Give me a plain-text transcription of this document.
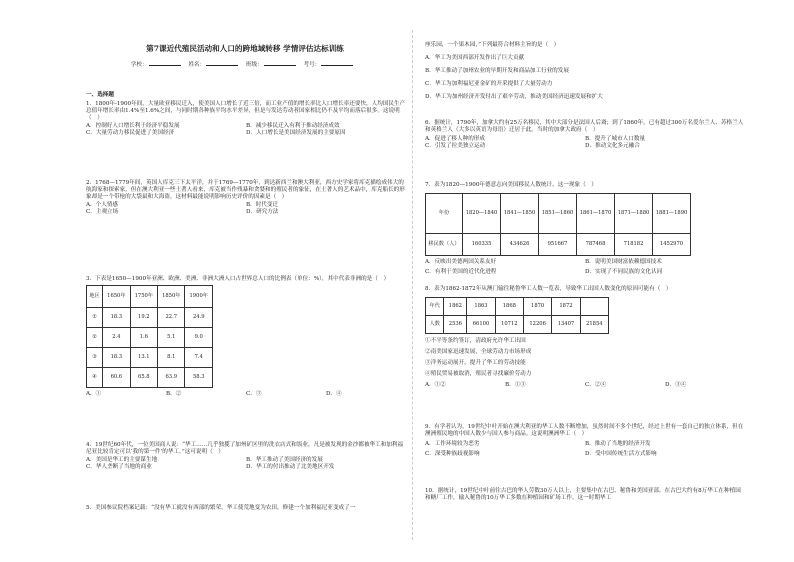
第7课近代殖民活动和人口的跨地域转移 学情评估达标训练
学校：	姓名：	班级：	考号：
一、选择题

1．1800年-1900年间，大量欧亚移民迁入，使美国人口增长了近三倍，而工业产值的增长率比人口增长率还要快，人均国民生产总值年增长率由1.4%至1.6%之间，与同时期各种族平均水平差异，但是与发达劳动者国家相比仍不及平均而落后很多。这说明（　）

A．控制好人口增长利于经济平稳发展	B．减少移民迁入有利于推动经济成效
C．大量劳动力移民促进了美国经济	D．人口增长是美国经济发展的主要原因

2．1768—1779年间，英国人库克三下太平洋，并于1769—1770年，到达新西兰和澳大利亚，西方史学家将库克描绘成伟大的航海家和探索家，但在澳大利亚一些土著人看来，库克被当作残暴和贪婪和的殖民者的象征，在土著人的艺术品中，库克船长的形象却是一个带枪的大袋鼠和大海盗。这材料最能说明影响历史评价的因素是（　）

A．个人情感	B．时代变迁
C．主观立场	D．研究方法

3．下表是1650—1900年亚洲、欧洲、美洲、非洲大洲人口占世界总人口的比例表（单位：%），其中代表非洲的是（　）

地区	1650年	1750年	1850年	1900年
①	18.3	19.2	22.7	24.9
②	2.4	1.6	5.1	9.0
③	18.3	13.1	8.1	7.4
④	60.6	65.8	63.9	58.3
A．①	B．②	C．③	D．④

4．19世纪60年代，一位美国商人说：“华工……几乎独揽了加州矿区里的洗衣店式和饭业，凡是被发现的金沙都被华工和加利福尼亚比较肯定可以‘我的第一件’的华工。”这可说明（　）

A．美国是华工的主要谋生地	B．华工推动了美国经济的发展
C．华人垄断了当地的商业	D．华工的付出推动了北美地区开发

5．美国参议院档案记载：“没有华工就没有西部的繁荣，华工使荒地变为农田，修建一个加利福尼亚变成了一

座乐园，一个果木园，”下列最符合材料主旨的是（　）

A．华工为美国西部开发作出了巨大贡献

B．华工推动了加州农业的早期开发和商品加工行业的发展

C．华工为加利福尼亚金矿的开采提供了大量劳动力

D．华工为加州经济开发付出了艰辛劳动，推动美国经济迅速发展和扩大

6．据统计，1790年，加拿大约有25万名移民，其中大部分是法国人后裔；到了1860年，已有超过300万名爱尔兰人、苏格兰人和英格兰人（大多以英语为母语）迁居于此。当时的加拿大政府（　）

A．促进了移人种的形成	B．提升了城市人口数量
C．引发了拉美独立运动	D．推动文化多元融合

7．表为1820—1900年德意志向美国移民人数统计，这一现象（　）

年份	1820—1840	1841—1850	1851—1860	1861—1870	1871—1880	1881—1890
移民数（人）	160335	434626	951667	787468	718182	1452970
A．反映出美德两国关系友好	B．说明美国财富依赖德国技术
C．有利于美国的近代化进程	D．实现了不同民族的文化认同

8．表为1862-1872年从澳门输往秘鲁华工人数一览表，导致华工出国人数变化的原因可能有（　）

年代	1862	1863	1868	1870	1872	
人数	2536	66100	10712	12206	13407	21854

①不平等条约签订，清政府允许华工出国

②南美国家迅速发展，全球劳动力市场形成

③洋务运动展开，提升了华工的劳动技能

④殖民贸易被取消，殖民者寻找廉价劳动力

A．①②	B．①③	C．②④	D．③④

9．有学者认为，19世纪中叶开始在澳大利亚的华工人数不断增加，虽然时间不多个世纪，经过上世有一套自己的独立体系，但在澳洲殖民地的中国人数少与国人参与商品。这说明澳洲华工（　）

A．工作环境较为恶劣	B．推动了当地的经济开发
C．深受种族歧视影响	D．受中国传统生活方式影响

10．据统计，19世纪中叶前往古巴的华人劳数30万人以上，主要集中在古巴、秘鲁和美国亚部。在古巴大约有8万华工在种植园和糖厂工作，输入秘鲁的10万华工多数在种植园和矿场工作。这一时期华工
